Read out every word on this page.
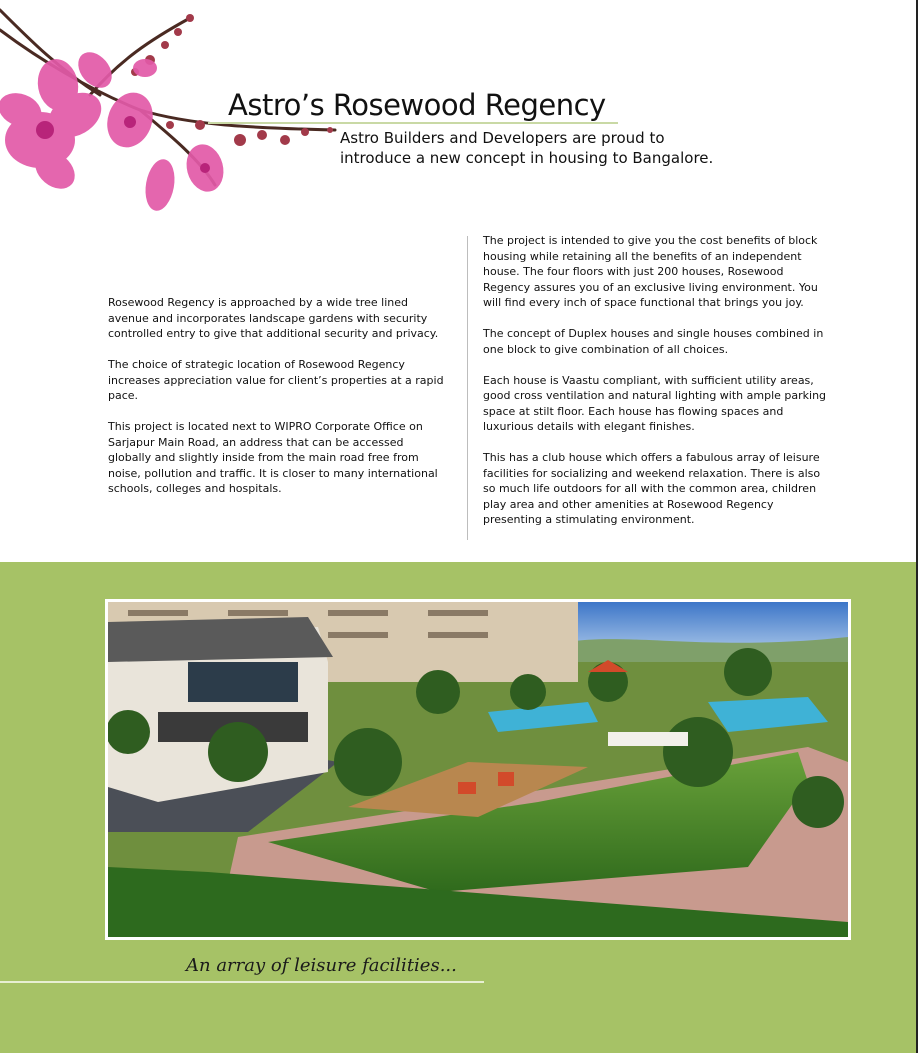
Astro’s Rosewood Regency
Astro Builders and Developers are proud to introduce a new concept in housing to Bangalore.

Rosewood Regency is approached by a wide tree lined avenue and incorporates landscape gardens with security controlled entry to give that additional security and privacy.

The choice of strategic location of Rosewood Regency increases appreciation value for client’s properties at a rapid pace.

This project is located next to WIPRO Corporate Office on Sarjapur Main Road, an address that can be accessed globally and slightly inside from the main road free from noise, pollution and traffic. It is closer to many international schools, colleges and hospitals.

The project is intended to give you the cost benefits of block housing while retaining all the benefits of an independent house. The four floors with just 200 houses, Rosewood Regency assures you of an exclusive living environment. You will find every inch of space functional that brings you joy.

The concept of Duplex houses and single houses combined in one block to give combination of all choices.

Each house is Vaastu compliant, with sufficient utility areas, good cross ventilation and natural lighting with ample parking space at stilt floor. Each house has flowing spaces and luxurious details with elegant finishes.

This has a club house which offers a fabulous array of leisure facilities for socializing and weekend relaxation. There is also so much life outdoors for all with the common area, children play area and other amenities at Rosewood Regency presenting a stimulating environment.

An array of leisure facilities...
